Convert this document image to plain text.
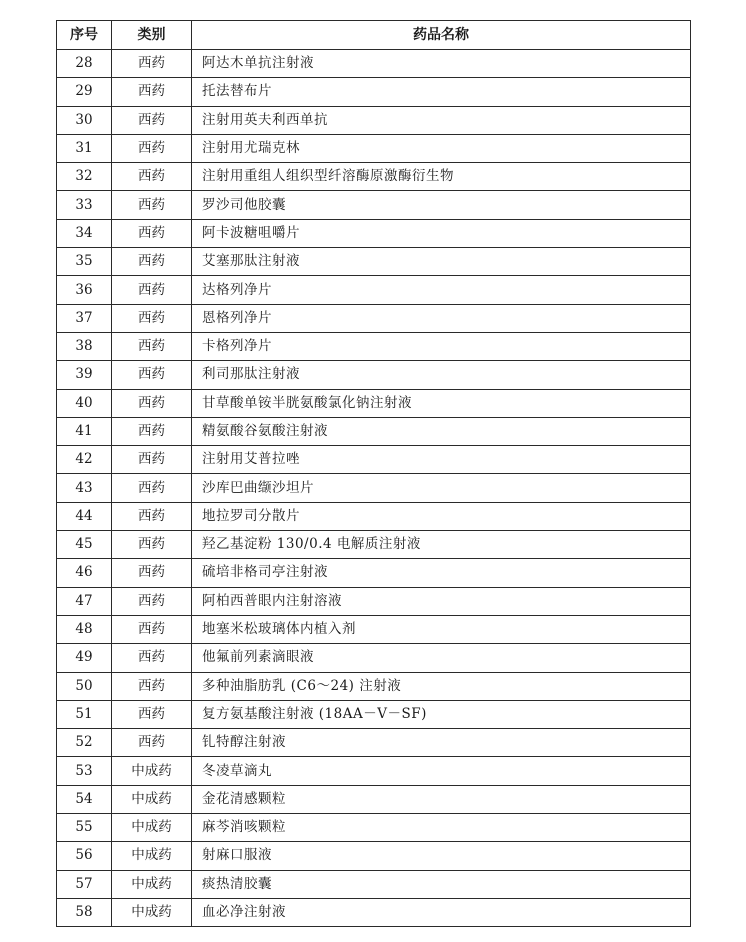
序号	类别	药品名称
28	西药	阿达木单抗注射液
29	西药	托法替布片
30	西药	注射用英夫利西单抗
31	西药	注射用尤瑞克林
32	西药	注射用重组人组织型纤溶酶原激酶衍生物
33	西药	罗沙司他胶囊
34	西药	阿卡波糖咀嚼片
35	西药	艾塞那肽注射液
36	西药	达格列净片
37	西药	恩格列净片
38	西药	卡格列净片
39	西药	利司那肽注射液
40	西药	甘草酸单铵半胱氨酸氯化钠注射液
41	西药	精氨酸谷氨酸注射液
42	西药	注射用艾普拉唑
43	西药	沙库巴曲缬沙坦片
44	西药	地拉罗司分散片
45	西药	羟乙基淀粉 130/0.4 电解质注射液
46	西药	硫培非格司亭注射液
47	西药	阿柏西普眼内注射溶液
48	西药	地塞米松玻璃体内植入剂
49	西药	他氟前列素滴眼液
50	西药	多种油脂肪乳 (C6～24) 注射液
51	西药	复方氨基酸注射液 (18AA－Ⅴ－SF)
52	西药	钆特醇注射液
53	中成药	冬凌草滴丸
54	中成药	金花清感颗粒
55	中成药	麻芩消咳颗粒
56	中成药	射麻口服液
57	中成药	痰热清胶囊
58	中成药	血必净注射液
